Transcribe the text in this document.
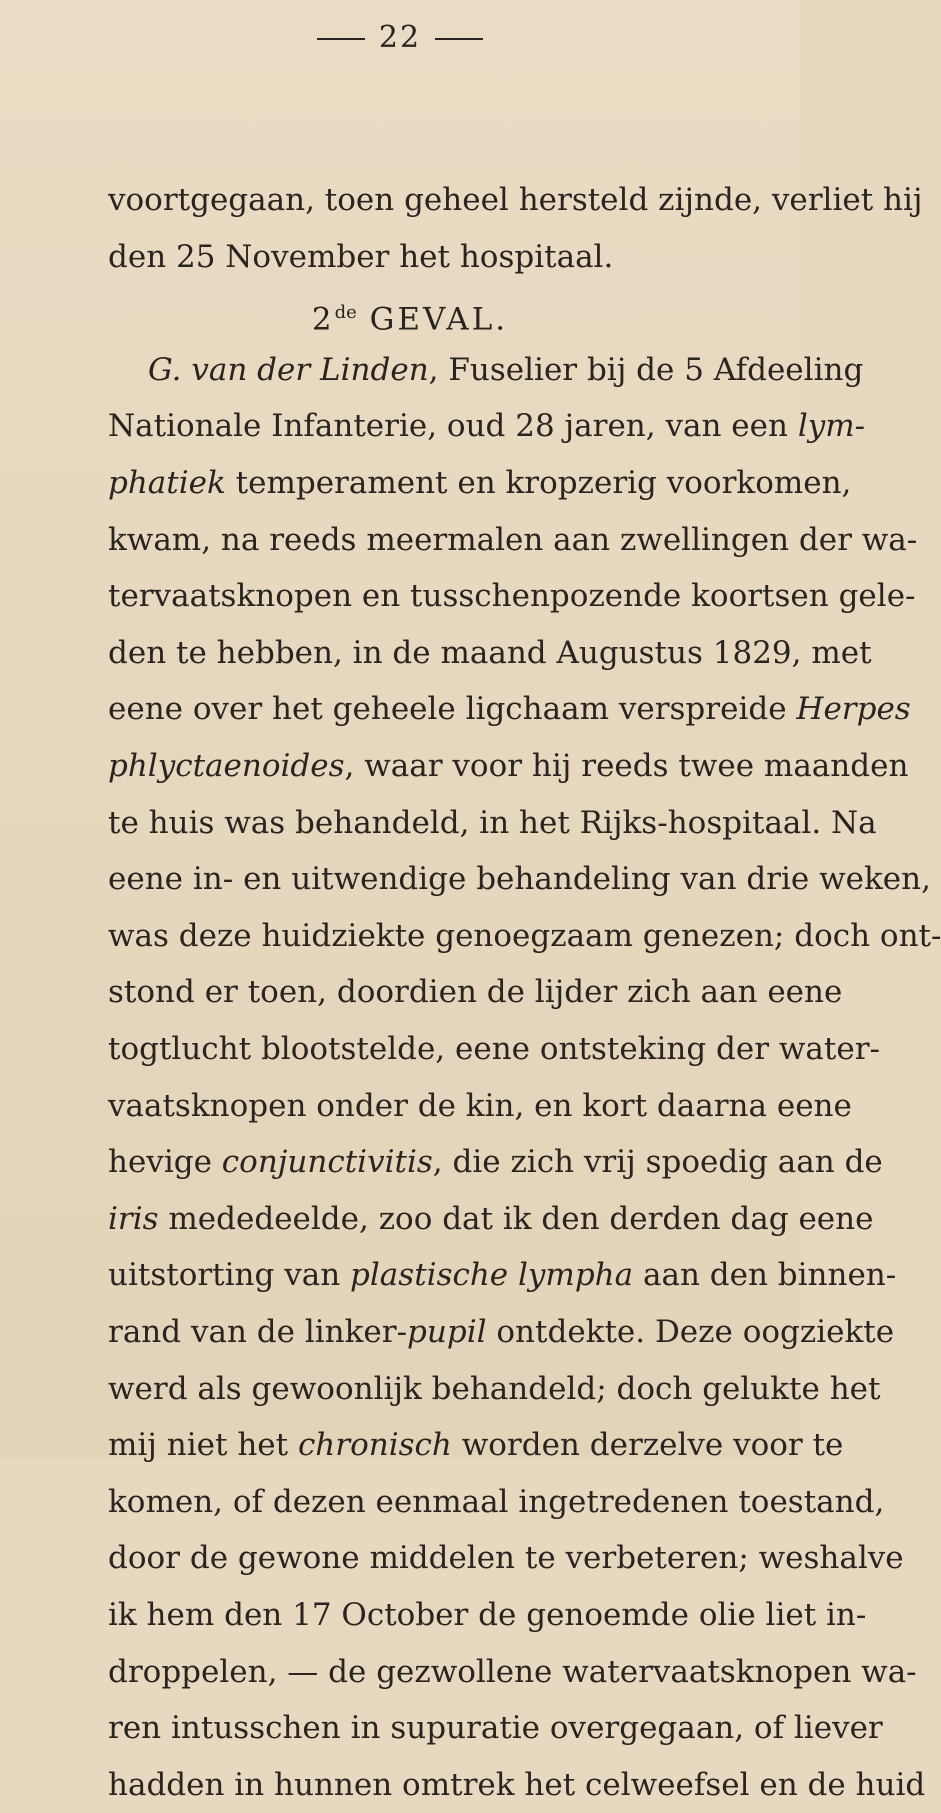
22
voortgegaan, toen geheel hersteld zijnde, verliet hij
den 25 November het hospitaal.
G. van der Linden, Fuselier bij de 5 Afdeeling
Nationale Infanterie, oud 28 jaren, van een lym-
phatiek temperament en kropzerig voorkomen,
kwam, na reeds meermalen aan zwellingen der wa-
tervaatsknopen en tusschenpozende koortsen gele-
den te hebben, in de maand Augustus 1829, met
eene over het geheele ligchaam verspreide Herpes
phlyctaenoides, waar voor hij reeds twee maanden
te huis was behandeld, in het Rijks-hospitaal. Na
eene in- en uitwendige behandeling van drie weken,
was deze huidziekte genoegzaam genezen; doch ont-
stond er toen, doordien de lijder zich aan eene
togtlucht blootstelde, eene ontsteking der water-
vaatsknopen onder de kin, en kort daarna eene
hevige conjunctivitis, die zich vrij spoedig aan de
iris mededeelde, zoo dat ik den derden dag eene
uitstorting van plastische lympha aan den binnen-
rand van de linker-pupil ontdekte. Deze oogziekte
werd als gewoonlijk behandeld; doch gelukte het
mij niet het chronisch worden derzelve voor te
komen, of dezen eenmaal ingetredenen toestand,
door de gewone middelen te verbeteren; weshalve
ik hem den 17 October de genoemde olie liet in-
droppelen, — de gezwollene watervaatsknopen wa-
ren intusschen in supuratie overgegaan, of liever
hadden in hunnen omtrek het celweefsel en de huid
2de GEVAL.
